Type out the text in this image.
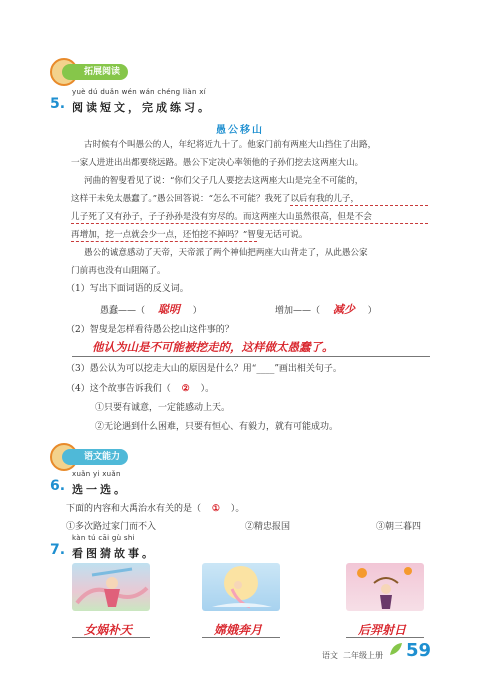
拓展阅读
yuè dú duǎn wén wán chéng liàn xí
5. 阅读短文，完成练习。
愚公移山
古时候有个叫愚公的人，年纪将近九十了。他家门前有两座大山挡住了出路，
一家人进进出出都要绕远路。愚公下定决心率领他的子孙们挖去这两座大山。
河曲的智叟看见了说：“你们父子几人要挖去这两座大山是完全不可能的，
这样干未免太愚蠢了。”愚公回答说：“怎么不可能？我死了以后有我的儿子，
儿子死了又有孙子，子子孙孙是没有穷尽的。而这两座大山虽然很高，但是不会
再增加，挖一点就会少一点，还怕挖不掉吗？”智叟无话可说。
愚公的诚意感动了天帝，天帝派了两个神仙把两座大山背走了，从此愚公家
门前再也没有山阻隔了。
（1）写出下面词语的反义词。
愚蠢——（ 聪明 ）	增加——（ 减少 ）
（2）智叟是怎样看待愚公挖山这件事的？
他认为山是不可能被挖走的，这样做太愚蠢了。
（3）愚公认为可以挖走大山的原因是什么？用“____”画出相关句子。
（4）这个故事告诉我们（ ② ）。
①只要有诚意，一定能感动上天。
②无论遇到什么困难，只要有恒心、有毅力，就有可能成功。
语文能力
xuǎn yi xuǎn
6. 选一选。
下面的内容和大禹治水有关的是（ ① ）。
①多次路过家门而不入	②精忠报国	③朝三暮四
kàn tú cāi gù shi
7. 看图猜故事。
女娲补天	嫦娥奔月	后羿射日
语文 二年级上册 59
